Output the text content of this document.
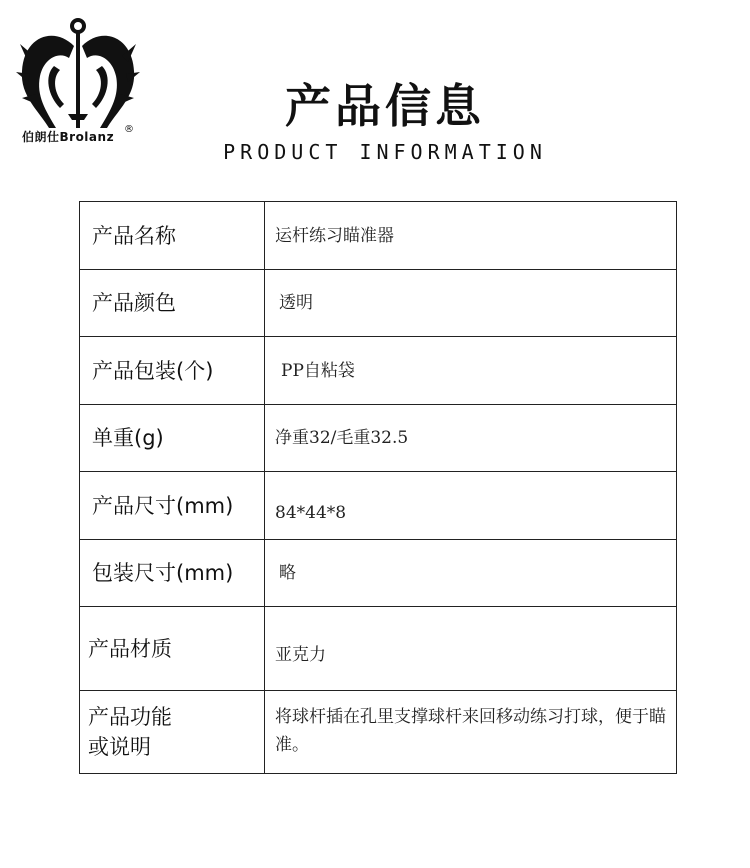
伯朗仕Brolanz
®	产品信息
PRODUCT INFORMATION
产品名称	运杆练习瞄准器
产品颜色	透明
产品包装(个)	PP自粘袋
单重(g)	净重32/毛重32.5
产品尺寸(mm)	84*44*8
包装尺寸(mm)	略
产品材质	亚克力

产品功能
或说明	将球杆插在孔里支撑球杆来回移动练习打球，便于瞄准。
